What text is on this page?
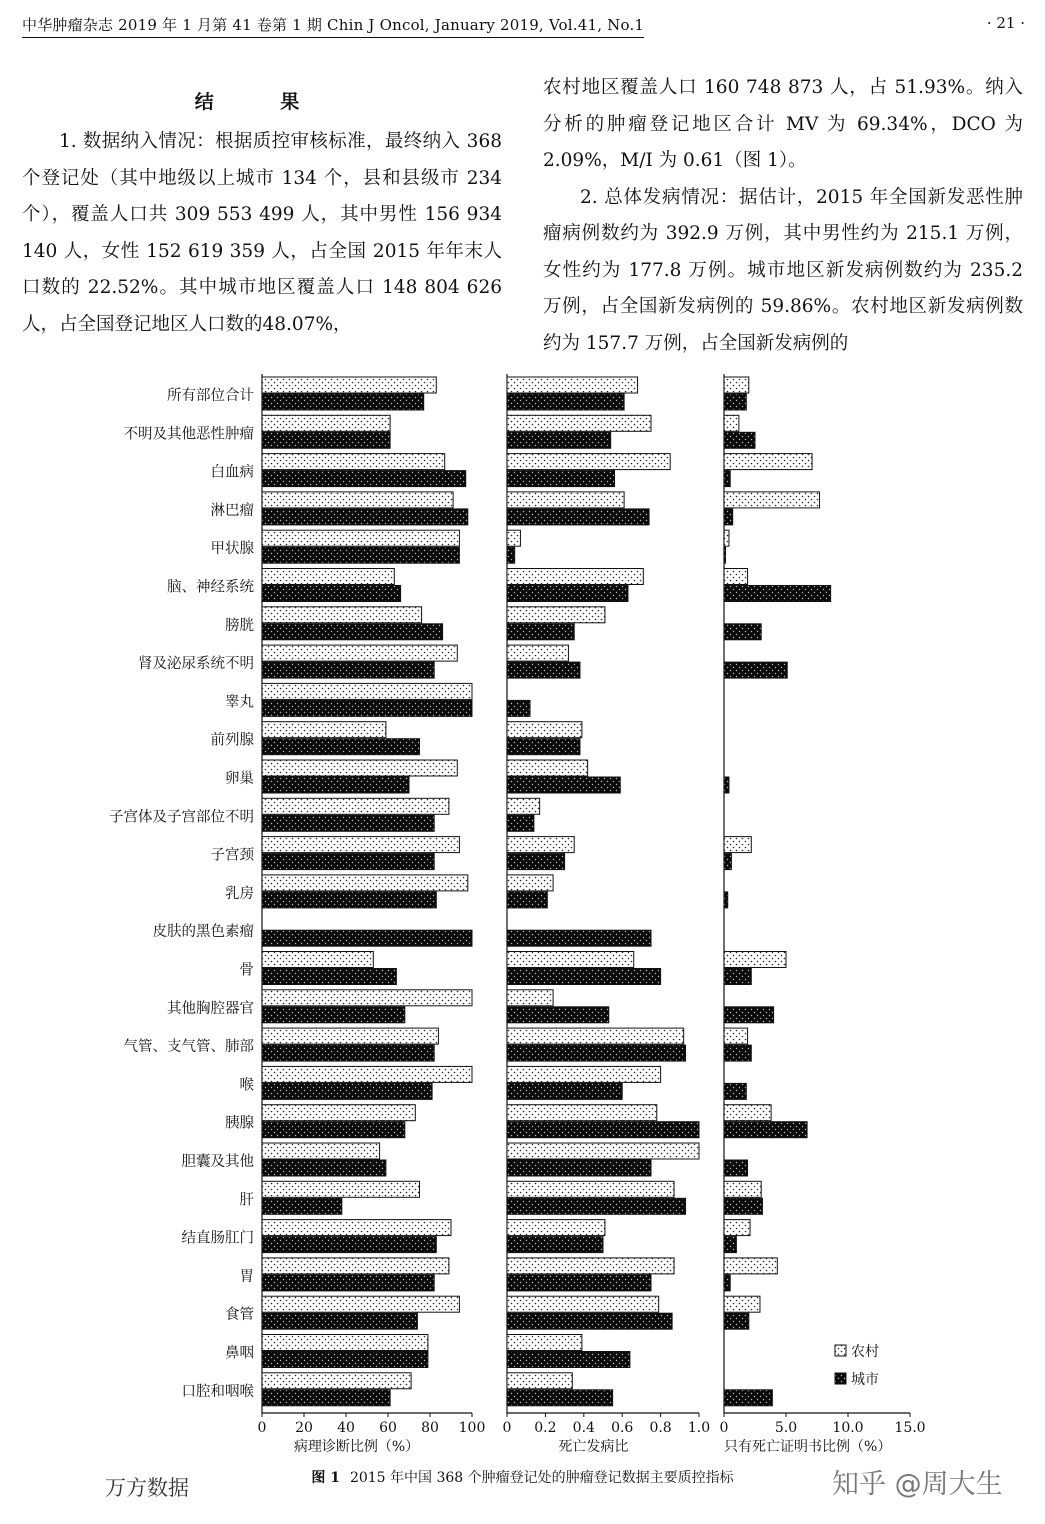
中华肿瘤杂志 2019 年 1 月第 41 卷第 1 期 Chin J Oncol, January 2019, Vol.41, No.1	· 21 ·
结 果

1. 数据纳入情况：根据质控审核标准，最终纳入 368 个登记处（其中地级以上城市 134 个，县和县级市 234 个），覆盖人口共 309 553 499 人，其中男性 156 934 140 人，女性 152 619 359 人，占全国 2015 年年末人口数的 22.52%。其中城市地区覆盖人口 148 804 626人，占全国登记地区人口数的48.07%，

农村地区覆盖人口 160 748 873 人，占 51.93%。纳入分析的肿瘤登记地区合计 MV 为 69.34%，DCO 为 2.09%，M/I 为 0.61（图 1）。

2. 总体发病情况：据估计，2015 年全国新发恶性肿瘤病例数约为 392.9 万例，其中男性约为 215.1 万例，女性约为 177.8 万例。城市地区新发病例数约为 235.2 万例，占全国新发病例的 59.86%。农村地区新发病例数约为 157.7 万例，占全国新发病例的

所有部位合计
不明及其他恶性肿瘤
白血病
淋巴瘤
甲状腺
脑、神经系统
膀胱
肾及泌尿系统不明
睾丸
前列腺
卵巢
子宫体及子宫部位不明
子宫颈
乳房
皮肤的黑色素瘤
骨
其他胸腔器官
气管、支气管、肺部
喉
胰腺
胆囊及其他
肝
结直肠肛门
胃
食管
鼻咽
口腔和咽喉
0 20 40 60 80 100
病理诊断比例（%）
0 0.2 0.4 0.6 0.8 1.0
死亡发病比
0	5.0	10.0 15.0
只有死亡证明书比例（%）
农村
城市
图 1 2015 年中国 368 个肿瘤登记处的肿瘤登记数据主要质控指标
万方数据	知乎 @周大生
